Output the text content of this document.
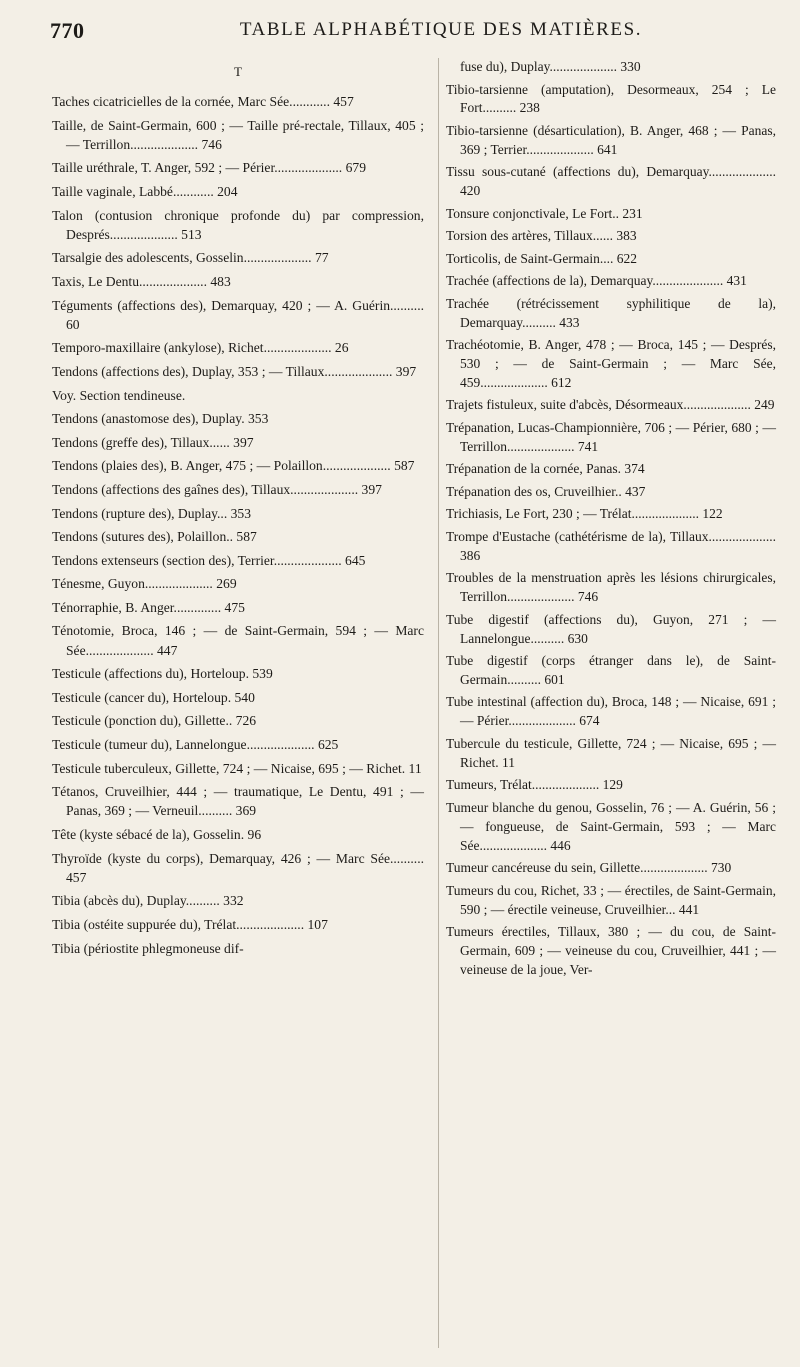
770	TABLE ALPHABÉTIQUE DES MATIÈRES.
T
Taches cicatricielles de la cornée, Marc Sée............ 457
Taille, de Saint-Germain, 600 ; — Taille pré-rectale, Tillaux, 405 ; — Terrillon.................... 746
Taille uréthrale, T. Anger, 592 ; — Périer.................... 679
Taille vaginale, Labbé............ 204
Talon (contusion chronique profonde du) par compression, Després.................... 513
Tarsalgie des adolescents, Gosselin.................... 77
Taxis, Le Dentu.................... 483
Téguments (affections des), Demarquay, 420 ; — A. Guérin.......... 60
Temporo-maxillaire (ankylose), Richet.................... 26
Tendons (affections des), Duplay, 353 ; — Tillaux.................... 397
Voy. Section tendineuse.
Tendons (anastomose des), Duplay. 353
Tendons (greffe des), Tillaux...... 397
Tendons (plaies des), B. Anger, 475 ; — Polaillon.................... 587
Tendons (affections des gaînes des), Tillaux.................... 397
Tendons (rupture des), Duplay... 353
Tendons (sutures des), Polaillon.. 587
Tendons extenseurs (section des), Terrier.................... 645
Ténesme, Guyon.................... 269
Ténorraphie, B. Anger.............. 475
Ténotomie, Broca, 146 ; — de Saint-Germain, 594 ; — Marc Sée.................... 447
Testicule (affections du), Horteloup. 539
Testicule (cancer du), Horteloup. 540
Testicule (ponction du), Gillette.. 726
Testicule (tumeur du), Lannelongue.................... 625
Testicule tuberculeux, Gillette, 724 ; — Nicaise, 695 ; — Richet. 11
Tétanos, Cruveilhier, 444 ; — traumatique, Le Dentu, 491 ; — Panas, 369 ; — Verneuil.......... 369
Tête (kyste sébacé de la), Gosselin. 96
Thyroïde (kyste du corps), Demarquay, 426 ; — Marc Sée.......... 457
Tibia (abcès du), Duplay.......... 332
Tibia (ostéite suppurée du), Trélat.................... 107
Tibia (périostite phlegmoneuse dif-
fuse du), Duplay.................... 330
Tibio-tarsienne (amputation), Desormeaux, 254 ; Le Fort.......... 238
Tibio-tarsienne (désarticulation), B. Anger, 468 ; — Panas, 369 ; Terrier.................... 641
Tissu sous-cutané (affections du), Demarquay.................... 420
Tonsure conjonctivale, Le Fort.. 231
Torsion des artères, Tillaux...... 383
Torticolis, de Saint-Germain.... 622
Trachée (affections de la), Demarquay..................... 431
Trachée (rétrécissement syphilitique de la), Demarquay.......... 433
Trachéotomie, B. Anger, 478 ; — Broca, 145 ; — Després, 530 ; — de Saint-Germain ; — Marc Sée, 459.................... 612
Trajets fistuleux, suite d'abcès, Désormeaux.................... 249
Trépanation, Lucas-Championnière, 706 ; — Périer, 680 ; — Terrillon.................... 741
Trépanation de la cornée, Panas. 374
Trépanation des os, Cruveilhier.. 437
Trichiasis, Le Fort, 230 ; — Trélat.................... 122
Trompe d'Eustache (cathétérisme de la), Tillaux.................... 386
Troubles de la menstruation après les lésions chirurgicales, Terrillon.................... 746
Tube digestif (affections du), Guyon, 271 ; — Lannelongue.......... 630
Tube digestif (corps étranger dans le), de Saint-Germain.......... 601
Tube intestinal (affection du), Broca, 148 ; — Nicaise, 691 ; — Périer.................... 674
Tubercule du testicule, Gillette, 724 ; — Nicaise, 695 ; — Richet. 11
Tumeurs, Trélat.................... 129
Tumeur blanche du genou, Gosselin, 76 ; — A. Guérin, 56 ; — fongueuse, de Saint-Germain, 593 ; — Marc Sée.................... 446
Tumeur cancéreuse du sein, Gillette.................... 730
Tumeurs du cou, Richet, 33 ; — érectiles, de Saint-Germain, 590 ; — érectile veineuse, Cruveilhier... 441
Tumeurs érectiles, Tillaux, 380 ; — du cou, de Saint-Germain, 609 ; — veineuse du cou, Cruveilhier, 441 ; — veineuse de la joue, Ver-
